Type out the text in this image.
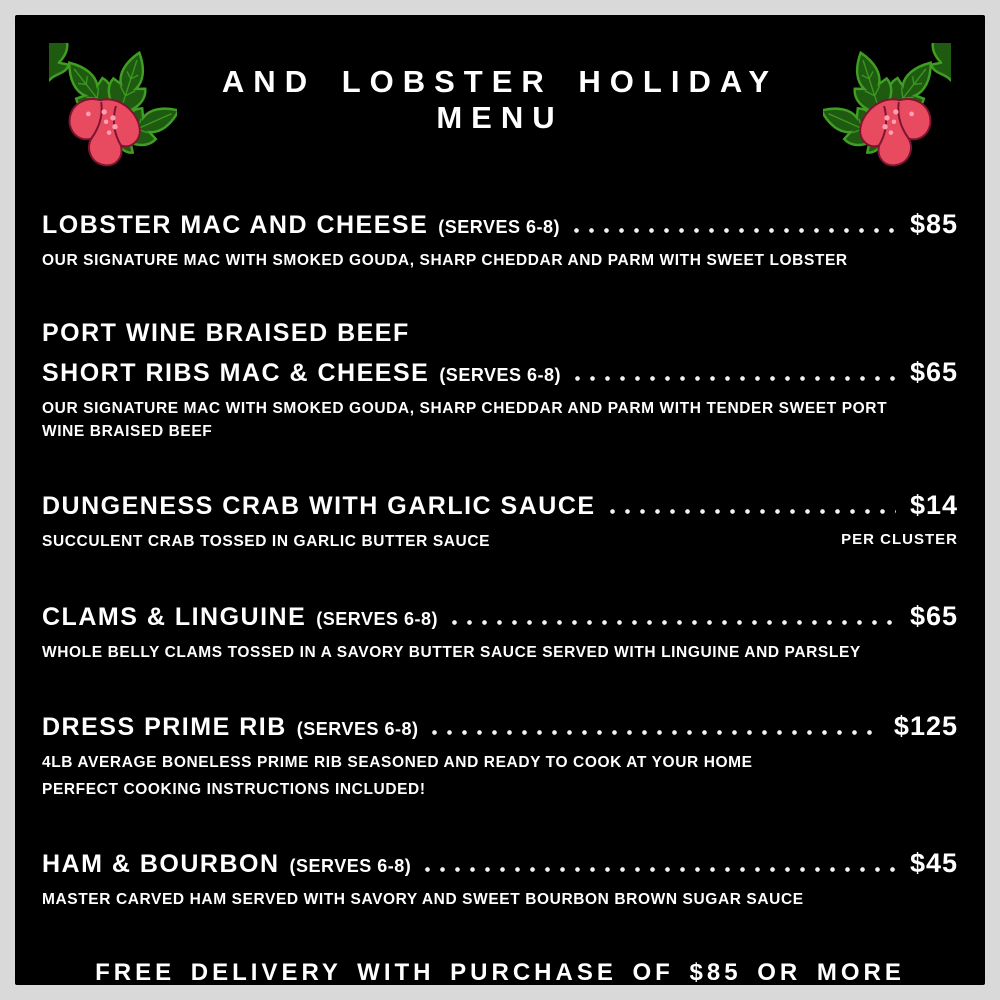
AND LOBSTER HOLIDAY MENU
LOBSTER MAC AND CHEESE (SERVES 6-8)	$85
OUR SIGNATURE MAC WITH SMOKED GOUDA, SHARP CHEDDAR AND PARM WITH SWEET LOBSTER
PORT WINE BRAISED BEEF
SHORT RIBS MAC & CHEESE (SERVES 6-8)	$65
OUR SIGNATURE MAC WITH SMOKED GOUDA, SHARP CHEDDAR AND PARM WITH TENDER SWEET PORT WINE BRAISED BEEF
DUNGENESS CRAB WITH GARLIC SAUCE	$14
PER CLUSTER
SUCCULENT CRAB TOSSED IN GARLIC BUTTER SAUCE
CLAMS & LINGUINE (SERVES 6-8)	$65
WHOLE BELLY CLAMS TOSSED IN A SAVORY BUTTER SAUCE SERVED WITH LINGUINE AND PARSLEY
DRESS PRIME RIB (SERVES 6-8)	$125
4LB AVERAGE BONELESS PRIME RIB SEASONED AND READY TO COOK AT YOUR HOME
PERFECT COOKING INSTRUCTIONS INCLUDED!
HAM & BOURBON (SERVES 6-8)	$45
MASTER CARVED HAM SERVED WITH SAVORY AND SWEET BOURBON BROWN SUGAR SAUCE
FREE DELIVERY WITH PURCHASE OF $85 OR MORE
